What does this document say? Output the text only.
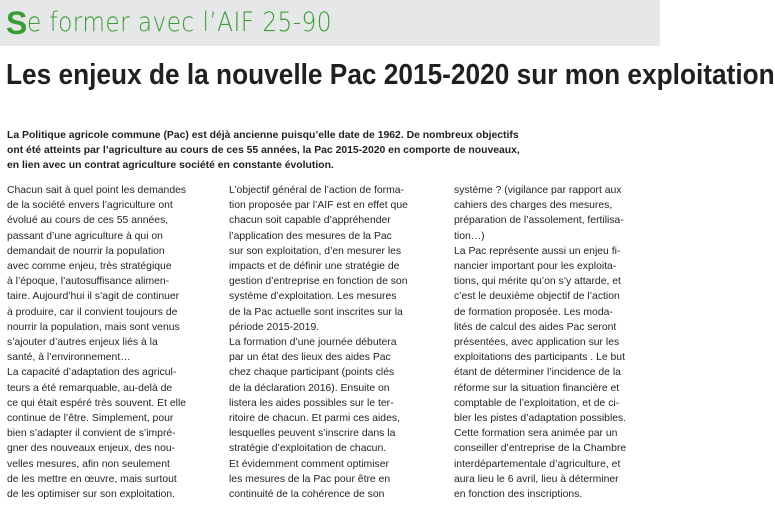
Se former avec l’AIF 25-90
Les enjeux de la nouvelle Pac 2015-2020 sur mon exploitation
La Politique agricole commune (Pac) est déjà ancienne puisqu’elle date de 1962. De nombreux objectifs ont été atteints par l’agriculture au cours de ces 55 années, la Pac 2015-2020 en comporte de nouveaux, en lien avec un contrat agriculture société en constante évolution.

Chacun sait à quel point les demandes
de la société envers l’agriculture ont
évolué au cours de ces 55 années,
passant d’une agriculture à qui on
demandait de nourrir la population
avec comme enjeu, très stratégique
à l’époque, l’autosuffisance alimen-
taire. Aujourd’hui il s’agit de continuer
à produire, car il convient toujours de
nourrir la population, mais sont venus
s’ajouter d’autres enjeux liés à la
santé, à l’environnement…

La capacité d’adaptation des agricul-
teurs a été remarquable, au-delà de
ce qui était espéré très souvent. Et elle
continue de l’être. Simplement, pour
bien s’adapter il convient de s’impré-
gner des nouveaux enjeux, des nou-
velles mesures, afin non seulement
de les mettre en œuvre, mais surtout
de les optimiser sur son exploitation.

L’objectif général de l’action de forma-
tion proposée par l’AIF est en effet que
chacun soit capable d’appréhender
l’application des mesures de la Pac
sur son exploitation, d’en mesurer les
impacts et de définir une stratégie de
gestion d’entreprise en fonction de son
système d’exploitation. Les mesures
de la Pac actuelle sont inscrites sur la
période 2015-2019.

La formation d’une journée débutera
par un état des lieux des aides Pac
chez chaque participant (points clés
de la déclaration 2016). Ensuite on
listera les aides possibles sur le ter-
ritoire de chacun. Et parmi ces aides,
lesquelles peuvent s’inscrire dans la
stratégie d’exploitation de chacun.

Et évidemment comment optimiser
les mesures de la Pac pour être en
continuité de la cohérence de son

système ? (vigilance par rapport aux
cahiers des charges des mesures,
préparation de l’assolement, fertilisa-
tion…)

La Pac représente aussi un enjeu fi-
nancier important pour les exploita-
tions, qui mérite qu’on s’y attarde, et
c’est le deuxième objectif de l’action
de formation proposée. Les moda-
lités de calcul des aides Pac seront
présentées, avec application sur les
exploitations des participants . Le but
étant de déterminer l’incidence de la
réforme sur la situation financière et
comptable de l’exploitation, et de ci-
bler les pistes d’adaptation possibles.

Cette formation sera animée par un
conseiller d’entreprise de la Chambre
interdépartementale d’agriculture, et
aura lieu le 6 avril, lieu à déterminer
en fonction des inscriptions.
